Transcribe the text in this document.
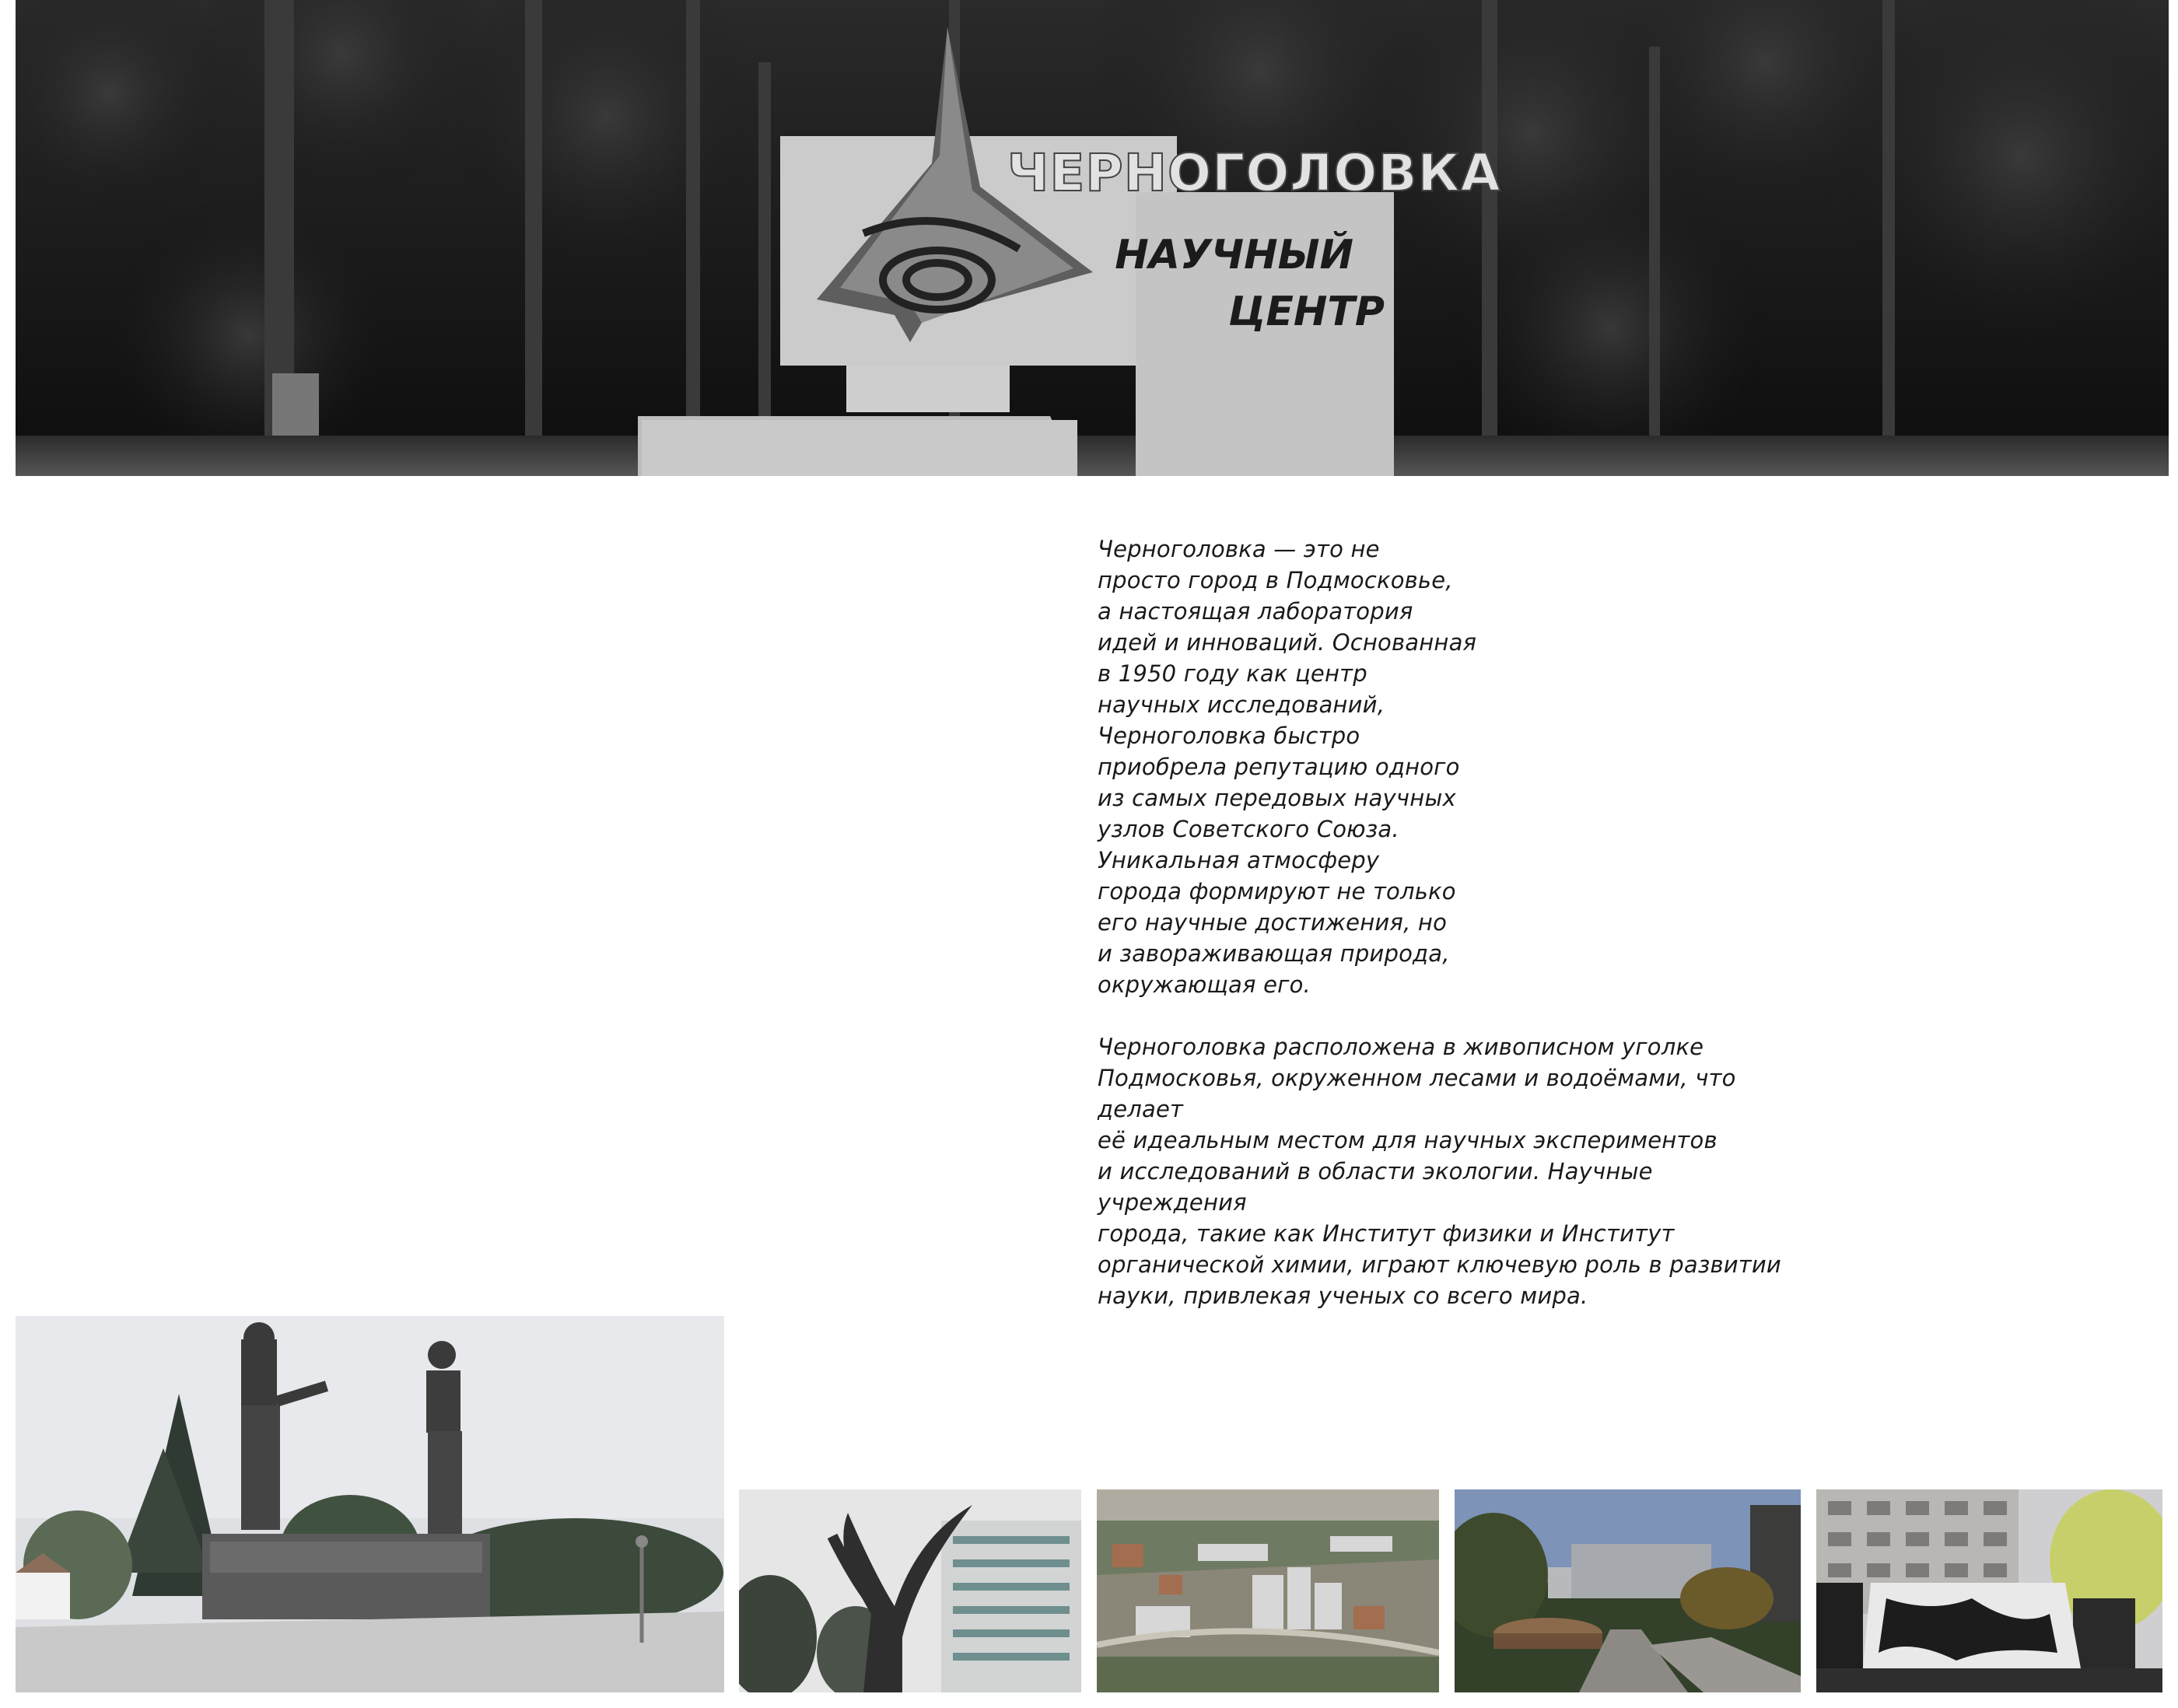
ЧЕРНОГОЛОВКА
НАУЧНЫЙ
ЦЕНТР

Черноголовка — это не
просто город в Подмосковье,
а настоящая лаборатория
идей и инноваций. Основанная
в 1950 году как центр
научных исследований,
Черноголовка быстро
приобрела репутацию одного
из самых передовых научных
узлов Советского Союза.
Уникальная атмосферу
города формируют не только
его научные достижения, но
и завораживающая природа,
окружающая его.

Черноголовка расположена в живописном уголке
Подмосковья, окруженном лесами и водоёмами, что делает
её идеальным местом для научных экспериментов
и исследований в области экологии. Научные учреждения
города, такие как Институт физики и Институт
органической химии, играют ключевую роль в развитии
науки, привлекая ученых со всего мира.
